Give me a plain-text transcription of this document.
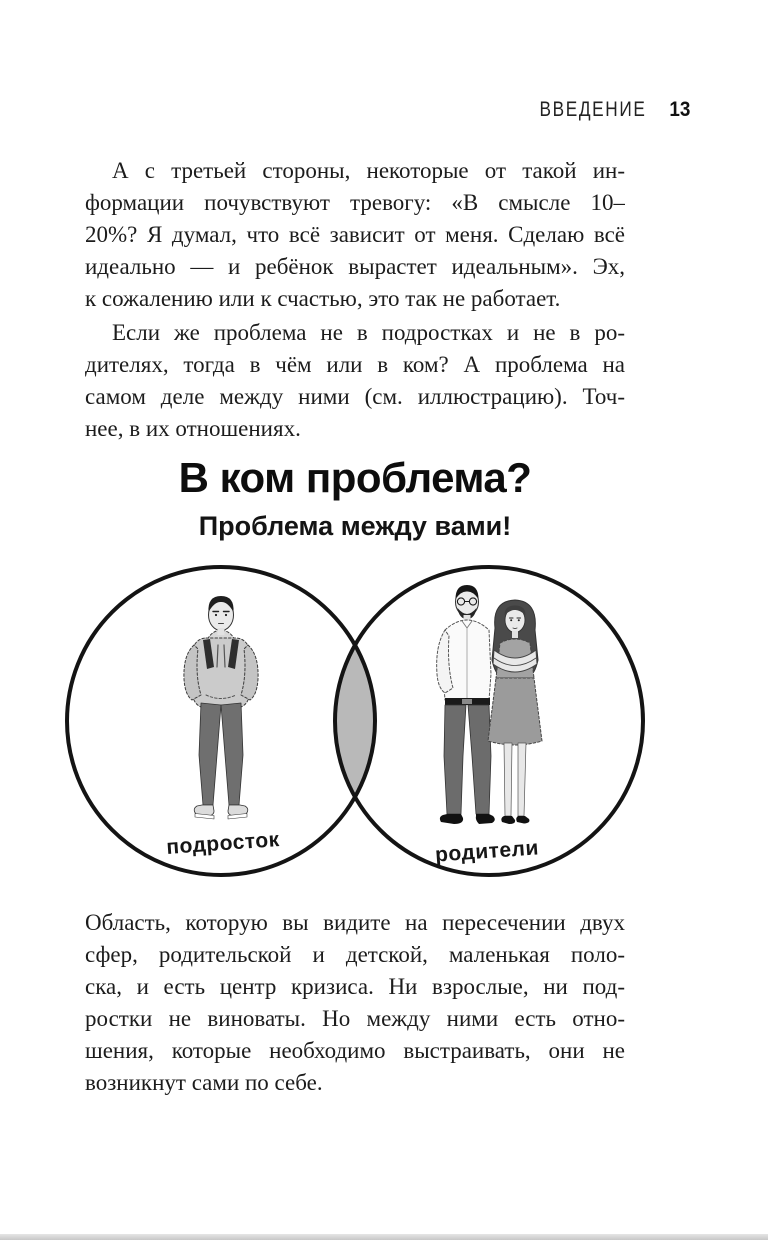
ВВЕДЕНИЕ 13
А с третьей стороны, некоторые от такой ин-
формации почувствуют тревогу: «В смысле 10–
20%? Я думал, что всё зависит от меня. Сделаю всё
идеально — и ребёнок вырастет идеальным». Эх,
к сожалению или к счастью, это так не работает.
Если же проблема не в подростках и не в ро-
дителях, тогда в чём или в ком? А проблема на
самом деле между ними (см. иллюстрацию). Точ-
нее, в их отношениях.
В ком проблема?
Проблема между вами!
подросток	родители
Область, которую вы видите на пересечении двух
сфер, родительской и детской, маленькая поло-
ска, и есть центр кризиса. Ни взрослые, ни под-
ростки не виноваты. Но между ними есть отно-
шения, которые необходимо выстраивать, они не
возникнут сами по себе.
